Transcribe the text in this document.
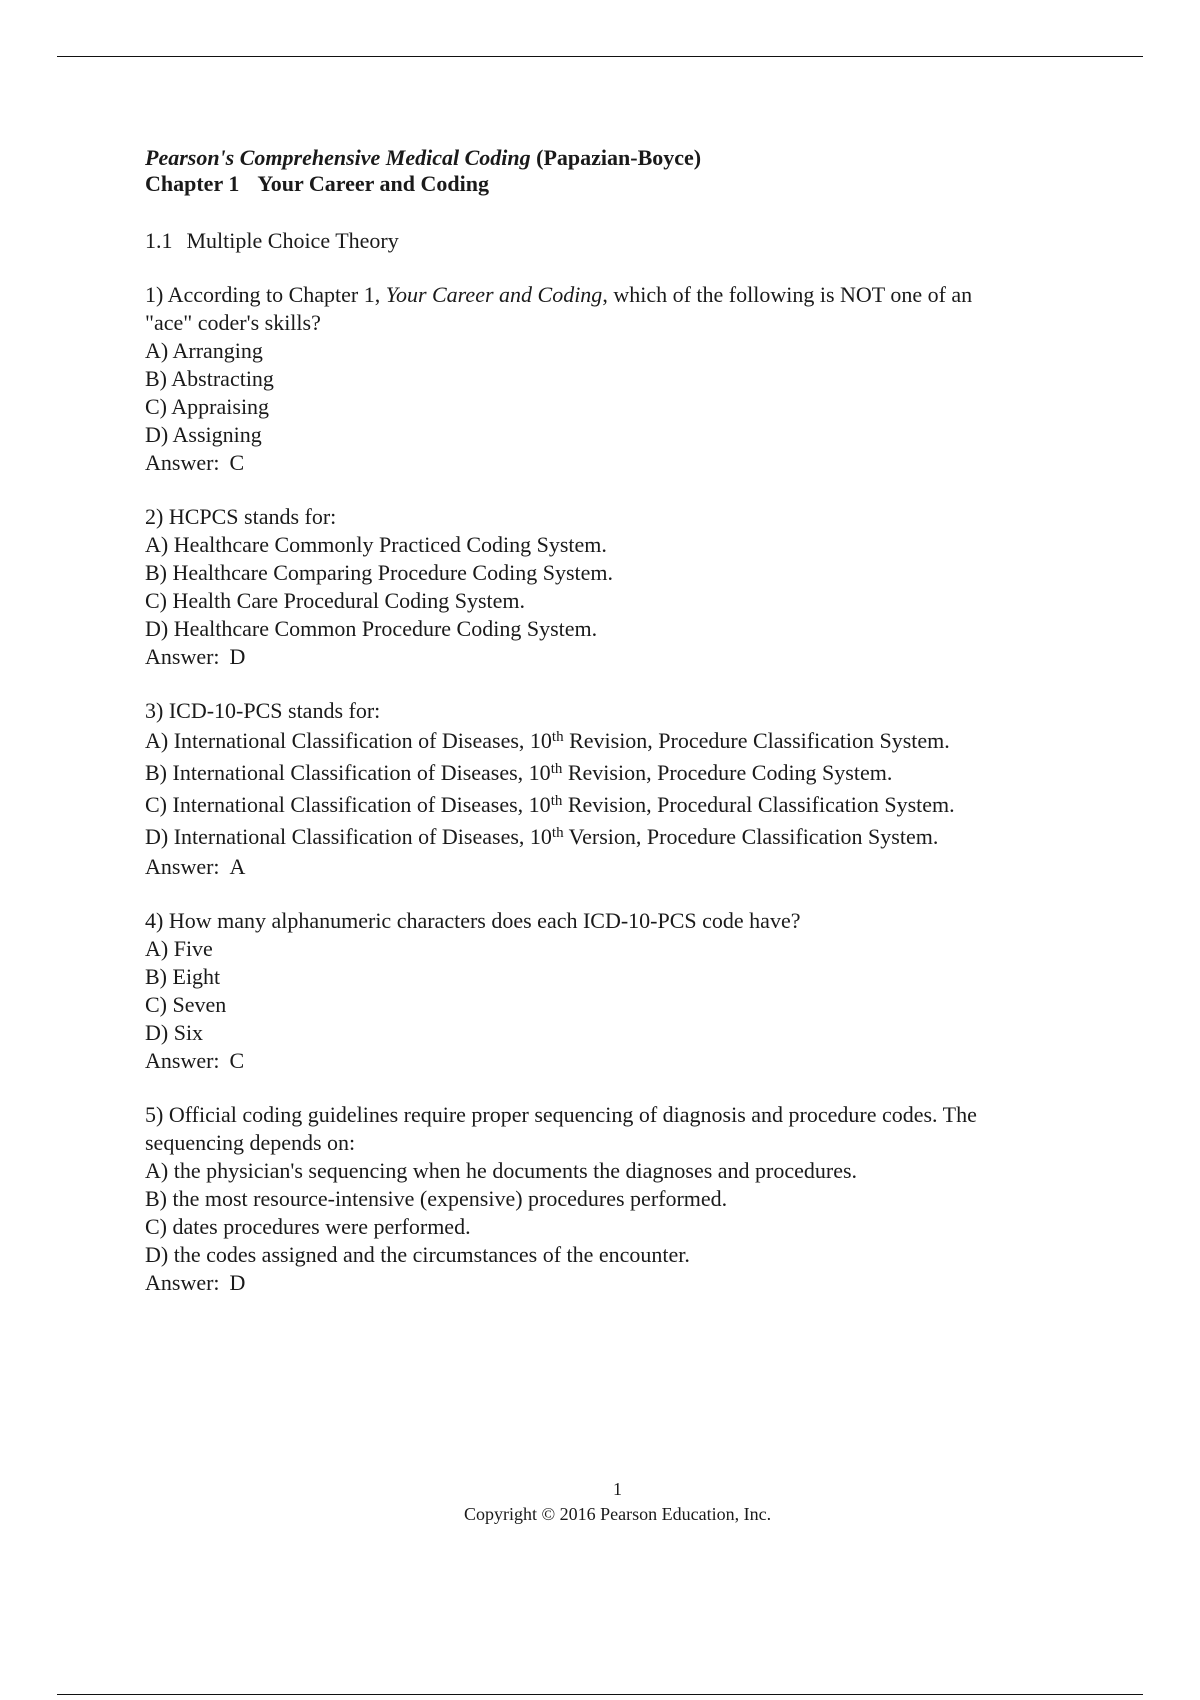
Pearson's Comprehensive Medical Coding (Papazian-Boyce)
Chapter 1 Your Career and Coding
1.1 Multiple Choice Theory
1) According to Chapter 1, Your Career and Coding, which of the following is NOT one of an
"ace" coder's skills?
A) Arranging
B) Abstracting
C) Appraising
D) Assigning
Answer: C
2) HCPCS stands for:
A) Healthcare Commonly Practiced Coding System.
B) Healthcare Comparing Procedure Coding System.
C) Health Care Procedural Coding System.
D) Healthcare Common Procedure Coding System.
Answer: D
3) ICD-10-PCS stands for:
A) International Classification of Diseases, 10th Revision, Procedure Classification System.
B) International Classification of Diseases, 10th Revision, Procedure Coding System.
C) International Classification of Diseases, 10th Revision, Procedural Classification System.
D) International Classification of Diseases, 10th Version, Procedure Classification System.
Answer: A
4) How many alphanumeric characters does each ICD-10-PCS code have?
A) Five
B) Eight
C) Seven
D) Six
Answer: C
5) Official coding guidelines require proper sequencing of diagnosis and procedure codes. The
sequencing depends on:
A) the physician's sequencing when he documents the diagnoses and procedures.
B) the most resource-intensive (expensive) procedures performed.
C) dates procedures were performed.
D) the codes assigned and the circumstances of the encounter.
Answer: D
1
Copyright © 2016 Pearson Education, Inc.
